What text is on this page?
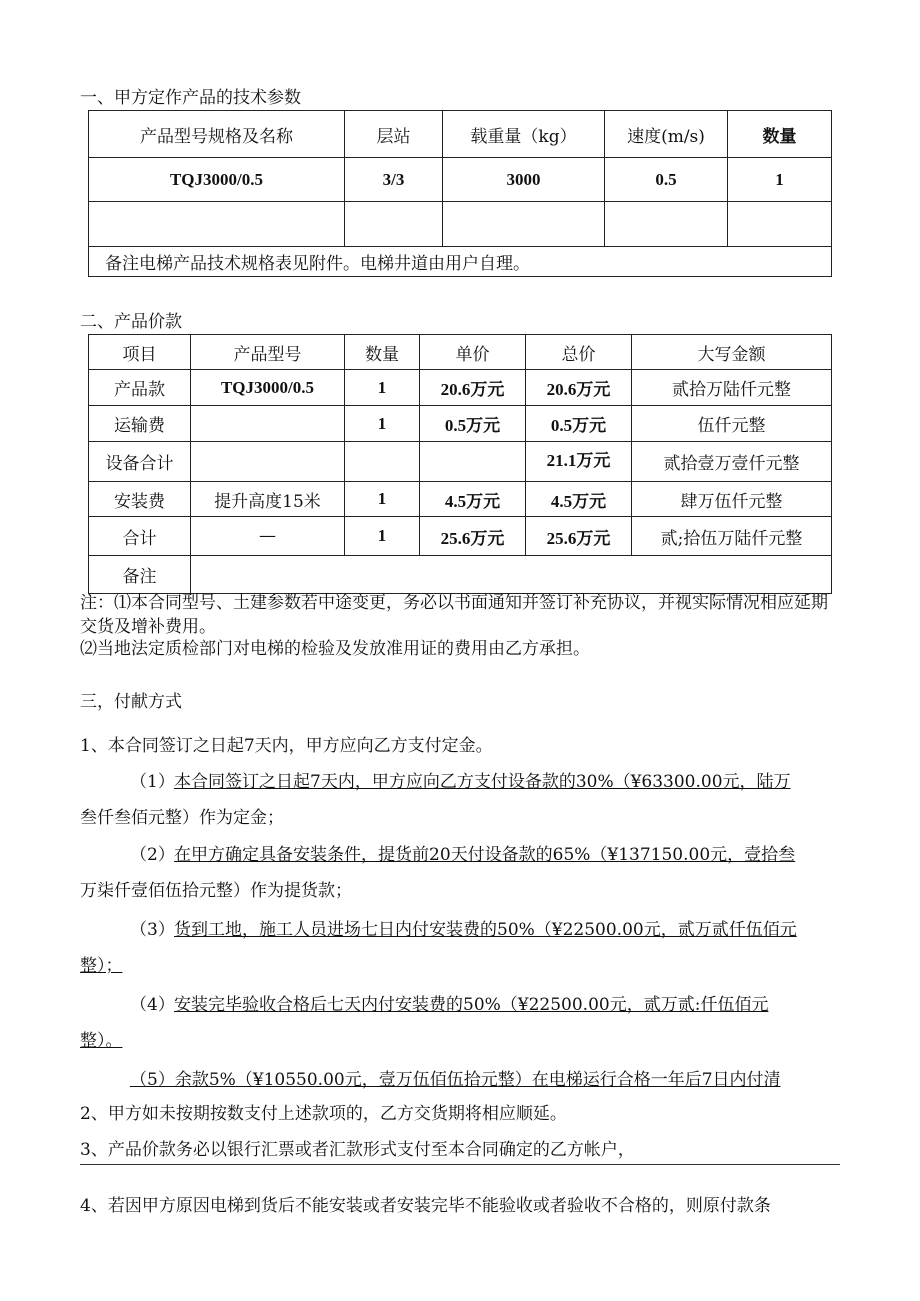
一、甲方定作产品的技术参数
产品型号规格及名称	层站	载重量（kg）	速度(m/s)	数量
TQJ3000/0.5	3/3	3000	0.5	1

备注电梯产品技术规格表见附件。电梯井道由用户自理。				
二、产品价款
项目	产品型号	数量	单价	总价	大写金额
产品款	TQJ3000/0.5	1	20.6万元	20.6万元	贰拾万陆仟元整
运输费		1	0.5万元	0.5万元	伍仟元整
设备合计				21.1万元	贰拾壹万壹仟元整
安装费	提升高度15米	1	4.5万元	4.5万元	肆万伍仟元整
合计	—	1	25.6万元	25.6万元	贰;拾伍万陆仟元整
备注					
注：⑴本合同型号、土建参数若中途变更，务必以书面通知并签订补充协议，并视实际情况相应延期交货及增补费用。
⑵当地法定质检部门对电梯的检验及发放准用证的费用由乙方承担。
三，付献方式
1、本合同签订之日起7天内，甲方应向乙方支付定金。
（1） 本合同签订之日起7天内，甲方应向乙方支付设备款的30%（¥63300.00元，陆万
叁仟叁佰元整）作为定金；
（2） 在甲方确定具备安装条件，提货前20天付设备款的65%（¥137150.00元，壹拾叁
万柒仟壹佰伍拾元整）作为提货款；
（3） 货到工地，施工人员进场七日内付安装费的50%（¥22500.00元，贰万贰仟伍佰元
整）；
（4） 安装完毕验收合格后七天内付安装费的50%（¥22500.00元，贰万贰:仟伍佰元
整）。
（5）余款5%（¥10550.00元，壹万伍佰伍拾元整）在电梯运行合格一年后7日内付清
2、甲方如未按期按数支付上述款项的，乙方交货期将相应顺延。
3、产品价款务必以银行汇票或者汇款形式支付至本合同确定的乙方帐户，
4、若因甲方原因电梯到货后不能安装或者安装完毕不能验收或者验收不合格的，则原付款条
